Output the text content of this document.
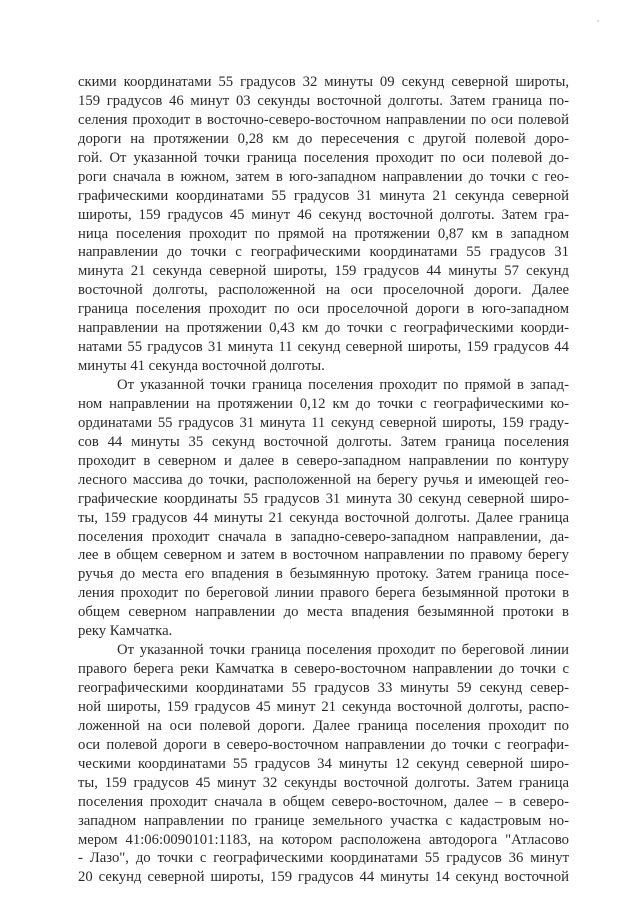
скими координатами 55 градусов 32 минуты 09 секунд северной широты,
159 градусов 46 минут 03 секунды восточной долготы. Затем граница по-
селения проходит в восточно-северо-восточном направлении по оси полевой
дороги на протяжении 0,28 км до пересечения с другой полевой доро-
гой. От указанной точки граница поселения проходит по оси полевой до-
роги сначала в южном, затем в юго-западном направлении до точки с гео-
графическими координатами 55 градусов 31 минута 21 секунда северной
широты, 159 градусов 45 минут 46 секунд восточной долготы. Затем гра-
ница поселения проходит по прямой на протяжении 0,87 км в западном
направлении до точки с географическими координатами 55 градусов 31
минута 21 секунда северной широты, 159 градусов 44 минуты 57 секунд
восточной долготы, расположенной на оси проселочной дороги. Далее
граница поселения проходит по оси проселочной дороги в юго-западном
направлении на протяжении 0,43 км до точки с географическими коорди-
натами 55 градусов 31 минута 11 секунд северной широты, 159 градусов 44
минуты 41 секунда восточной долготы.
От указанной точки граница поселения проходит по прямой в запад-
ном направлении на протяжении 0,12 км до точки с географическими ко-
ординатами 55 градусов 31 минута 11 секунд северной широты, 159 граду-
сов 44 минуты 35 секунд восточной долготы. Затем граница поселения
проходит в северном и далее в северо-западном направлении по контуру
лесного массива до точки, расположенной на берегу ручья и имеющей гео-
графические координаты 55 градусов 31 минута 30 секунд северной широ-
ты, 159 градусов 44 минуты 21 секунда восточной долготы. Далее граница
поселения проходит сначала в западно-северо-западном направлении, да-
лее в общем северном и затем в восточном направлении по правому берегу
ручья до места его впадения в безымянную протоку. Затем граница посе-
ления проходит по береговой линии правого берега безымянной протоки в
общем северном направлении до места впадения безымянной протоки в
реку Камчатка.
От указанной точки граница поселения проходит по береговой линии
правого берега реки Камчатка в северо-восточном направлении до точки с
географическими координатами 55 градусов 33 минуты 59 секунд север-
ной широты, 159 градусов 45 минут 21 секунда восточной долготы, распо-
ложенной на оси полевой дороги. Далее граница поселения проходит по
оси полевой дороги в северо-восточном направлении до точки с географи-
ческими координатами 55 градусов 34 минуты 12 секунд северной широ-
ты, 159 градусов 45 минут 32 секунды восточной долготы. Затем граница
поселения проходит сначала в общем северо-восточном, далее – в северо-
западном направлении по границе земельного участка с кадастровым но-
мером 41:06:0090101:1183, на котором расположена автодорога "Атласово
- Лазо", до точки с географическими координатами 55 градусов 36 минут
20 секунд северной широты, 159 градусов 44 минуты 14 секунд восточной
